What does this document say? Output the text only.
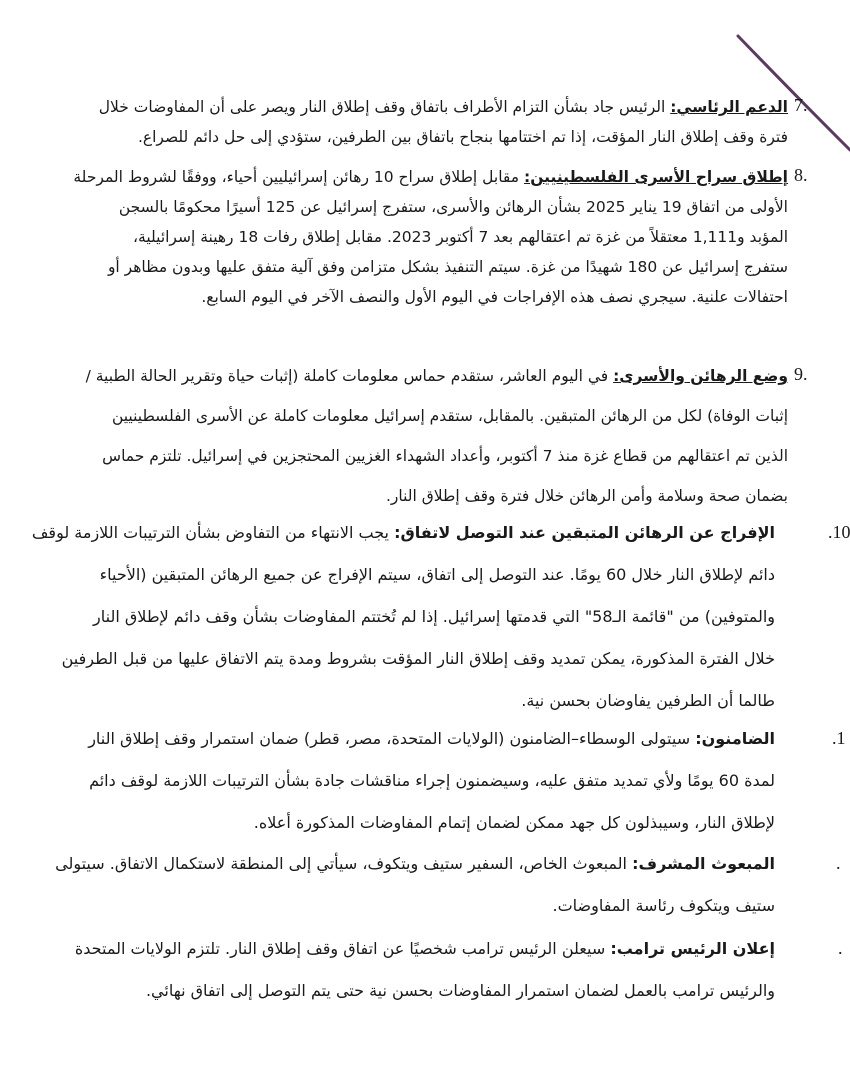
الدعم الرئاسي: الرئيس جاد بشأن التزام الأطراف باتفاق وقف إطلاق النار ويصر على أن المفاوضات خلال
فترة وقف إطلاق النار المؤقت، إذا تم اختتامها بنجاح باتفاق بين الطرفين، ستؤدي إلى حل دائم للصراع.
7.
إطلاق سراح الأسرى الفلسطينيين: مقابل إطلاق سراح 10 رهائن إسرائيليين أحياء، ووفقًا لشروط المرحلة
الأولى من اتفاق 19 يناير 2025 بشأن الرهائن والأسرى، ستفرج إسرائيل عن 125 أسيرًا محكومًا بالسجن
المؤبد و1,111 معتقلاً من غزة تم اعتقالهم بعد 7 أكتوبر 2023. مقابل إطلاق رفات 18 رهينة إسرائيلية،
ستفرج إسرائيل عن 180 شهيدًا من غزة. سيتم التنفيذ بشكل متزامن وفق آلية متفق عليها وبدون مظاهر أو
احتفالات علنية. سيجري نصف هذه الإفراجات في اليوم الأول والنصف الآخر في اليوم السابع.
8.
وضع الرهائن والأسرى: في اليوم العاشر، ستقدم حماس معلومات كاملة (إثبات حياة وتقرير الحالة الطبية /
إثبات الوفاة) لكل من الرهائن المتبقين. بالمقابل، ستقدم إسرائيل معلومات كاملة عن الأسرى الفلسطينيين
الذين تم اعتقالهم من قطاع غزة منذ 7 أكتوبر، وأعداد الشهداء الغزيين المحتجزين في إسرائيل. تلتزم حماس
بضمان صحة وسلامة وأمن الرهائن خلال فترة وقف إطلاق النار.
9.
الإفراج عن الرهائن المتبقين عند التوصل لاتفاق: يجب الانتهاء من التفاوض بشأن الترتيبات اللازمة لوقف
دائم لإطلاق النار خلال 60 يومًا. عند التوصل إلى اتفاق، سيتم الإفراج عن جميع الرهائن المتبقين (الأحياء
والمتوفين) من "قائمة الـ58" التي قدمتها إسرائيل. إذا لم تُختتم المفاوضات بشأن وقف دائم لإطلاق النار
خلال الفترة المذكورة، يمكن تمديد وقف إطلاق النار المؤقت بشروط ومدة يتم الاتفاق عليها من قبل الطرفين
طالما أن الطرفين يفاوضان بحسن نية.
.10
الضامنون: سيتولى الوسطاء–الضامنون (الولايات المتحدة، مصر، قطر) ضمان استمرار وقف إطلاق النار
لمدة 60 يومًا ولأي تمديد متفق عليه، وسيضمنون إجراء مناقشات جادة بشأن الترتيبات اللازمة لوقف دائم
لإطلاق النار، وسيبذلون كل جهد ممكن لضمان إتمام المفاوضات المذكورة أعلاه.
.1
المبعوث المشرف: المبعوث الخاص، السفير ستيف ويتكوف، سيأتي إلى المنطقة لاستكمال الاتفاق. سيتولى
ستيف ويتكوف رئاسة المفاوضات.
.
إعلان الرئيس ترامب: سيعلن الرئيس ترامب شخصيًا عن اتفاق وقف إطلاق النار. تلتزم الولايات المتحدة
والرئيس ترامب بالعمل لضمان استمرار المفاوضات بحسن نية حتى يتم التوصل إلى اتفاق نهائي.
.
